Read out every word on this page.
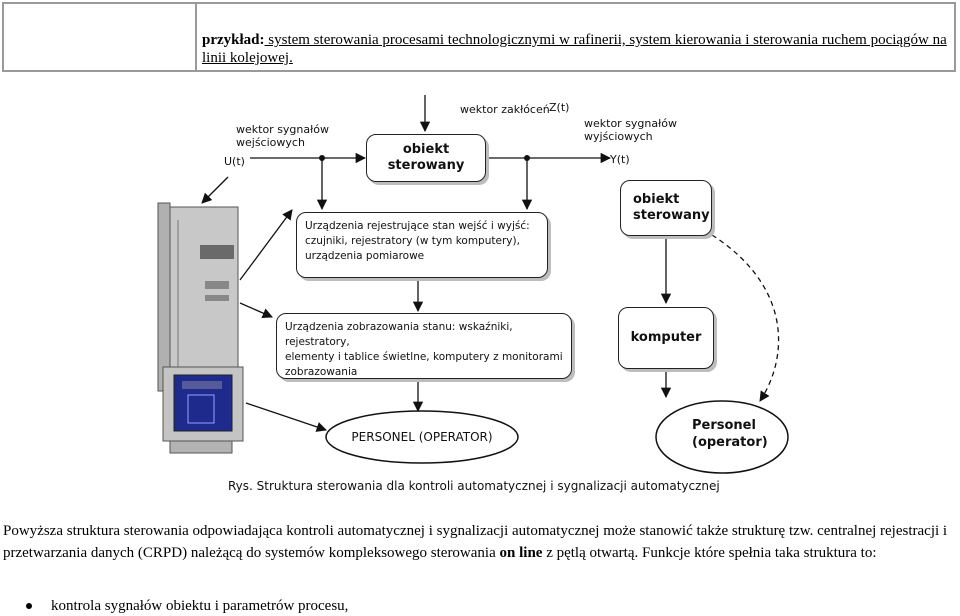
przykład: system sterowania procesami technologicznymi w rafinerii, system kierowania i sterowania ruchem pociągów na linii kolejowej.
wektor sygnałów
wejściowych
U(t)
wektor zakłóceń Z(t)
wektor sygnałów
wyjściowych
Y(t)
obiekt
sterowany
Urządzenia rejestrujące stan wejść i wyjść:
czujniki, rejestratory (w tym komputery),
urządzenia pomiarowe
Urządzenia zobrazowania stanu: wskaźniki, rejestratory,
elementy i tablice świetlne, komputery z monitorami
zobrazowania
obiekt
sterowany
komputer
PERSONEL (OPERATOR)
Personel
(operator)
Rys. Struktura sterowania dla kontroli automatycznej i sygnalizacji automatycznej
Powyższa struktura sterowania odpowiadająca kontroli automatycznej i sygnalizacji automatycznej może stanowić także strukturę tzw. centralnej rejestracji i przetwarzania danych (CRPD) należącą do systemów kompleksowego sterowania on line z pętlą otwartą. Funkcje które spełnia taka struktura to:
kontrola sygnałów obiektu i parametrów procesu,
